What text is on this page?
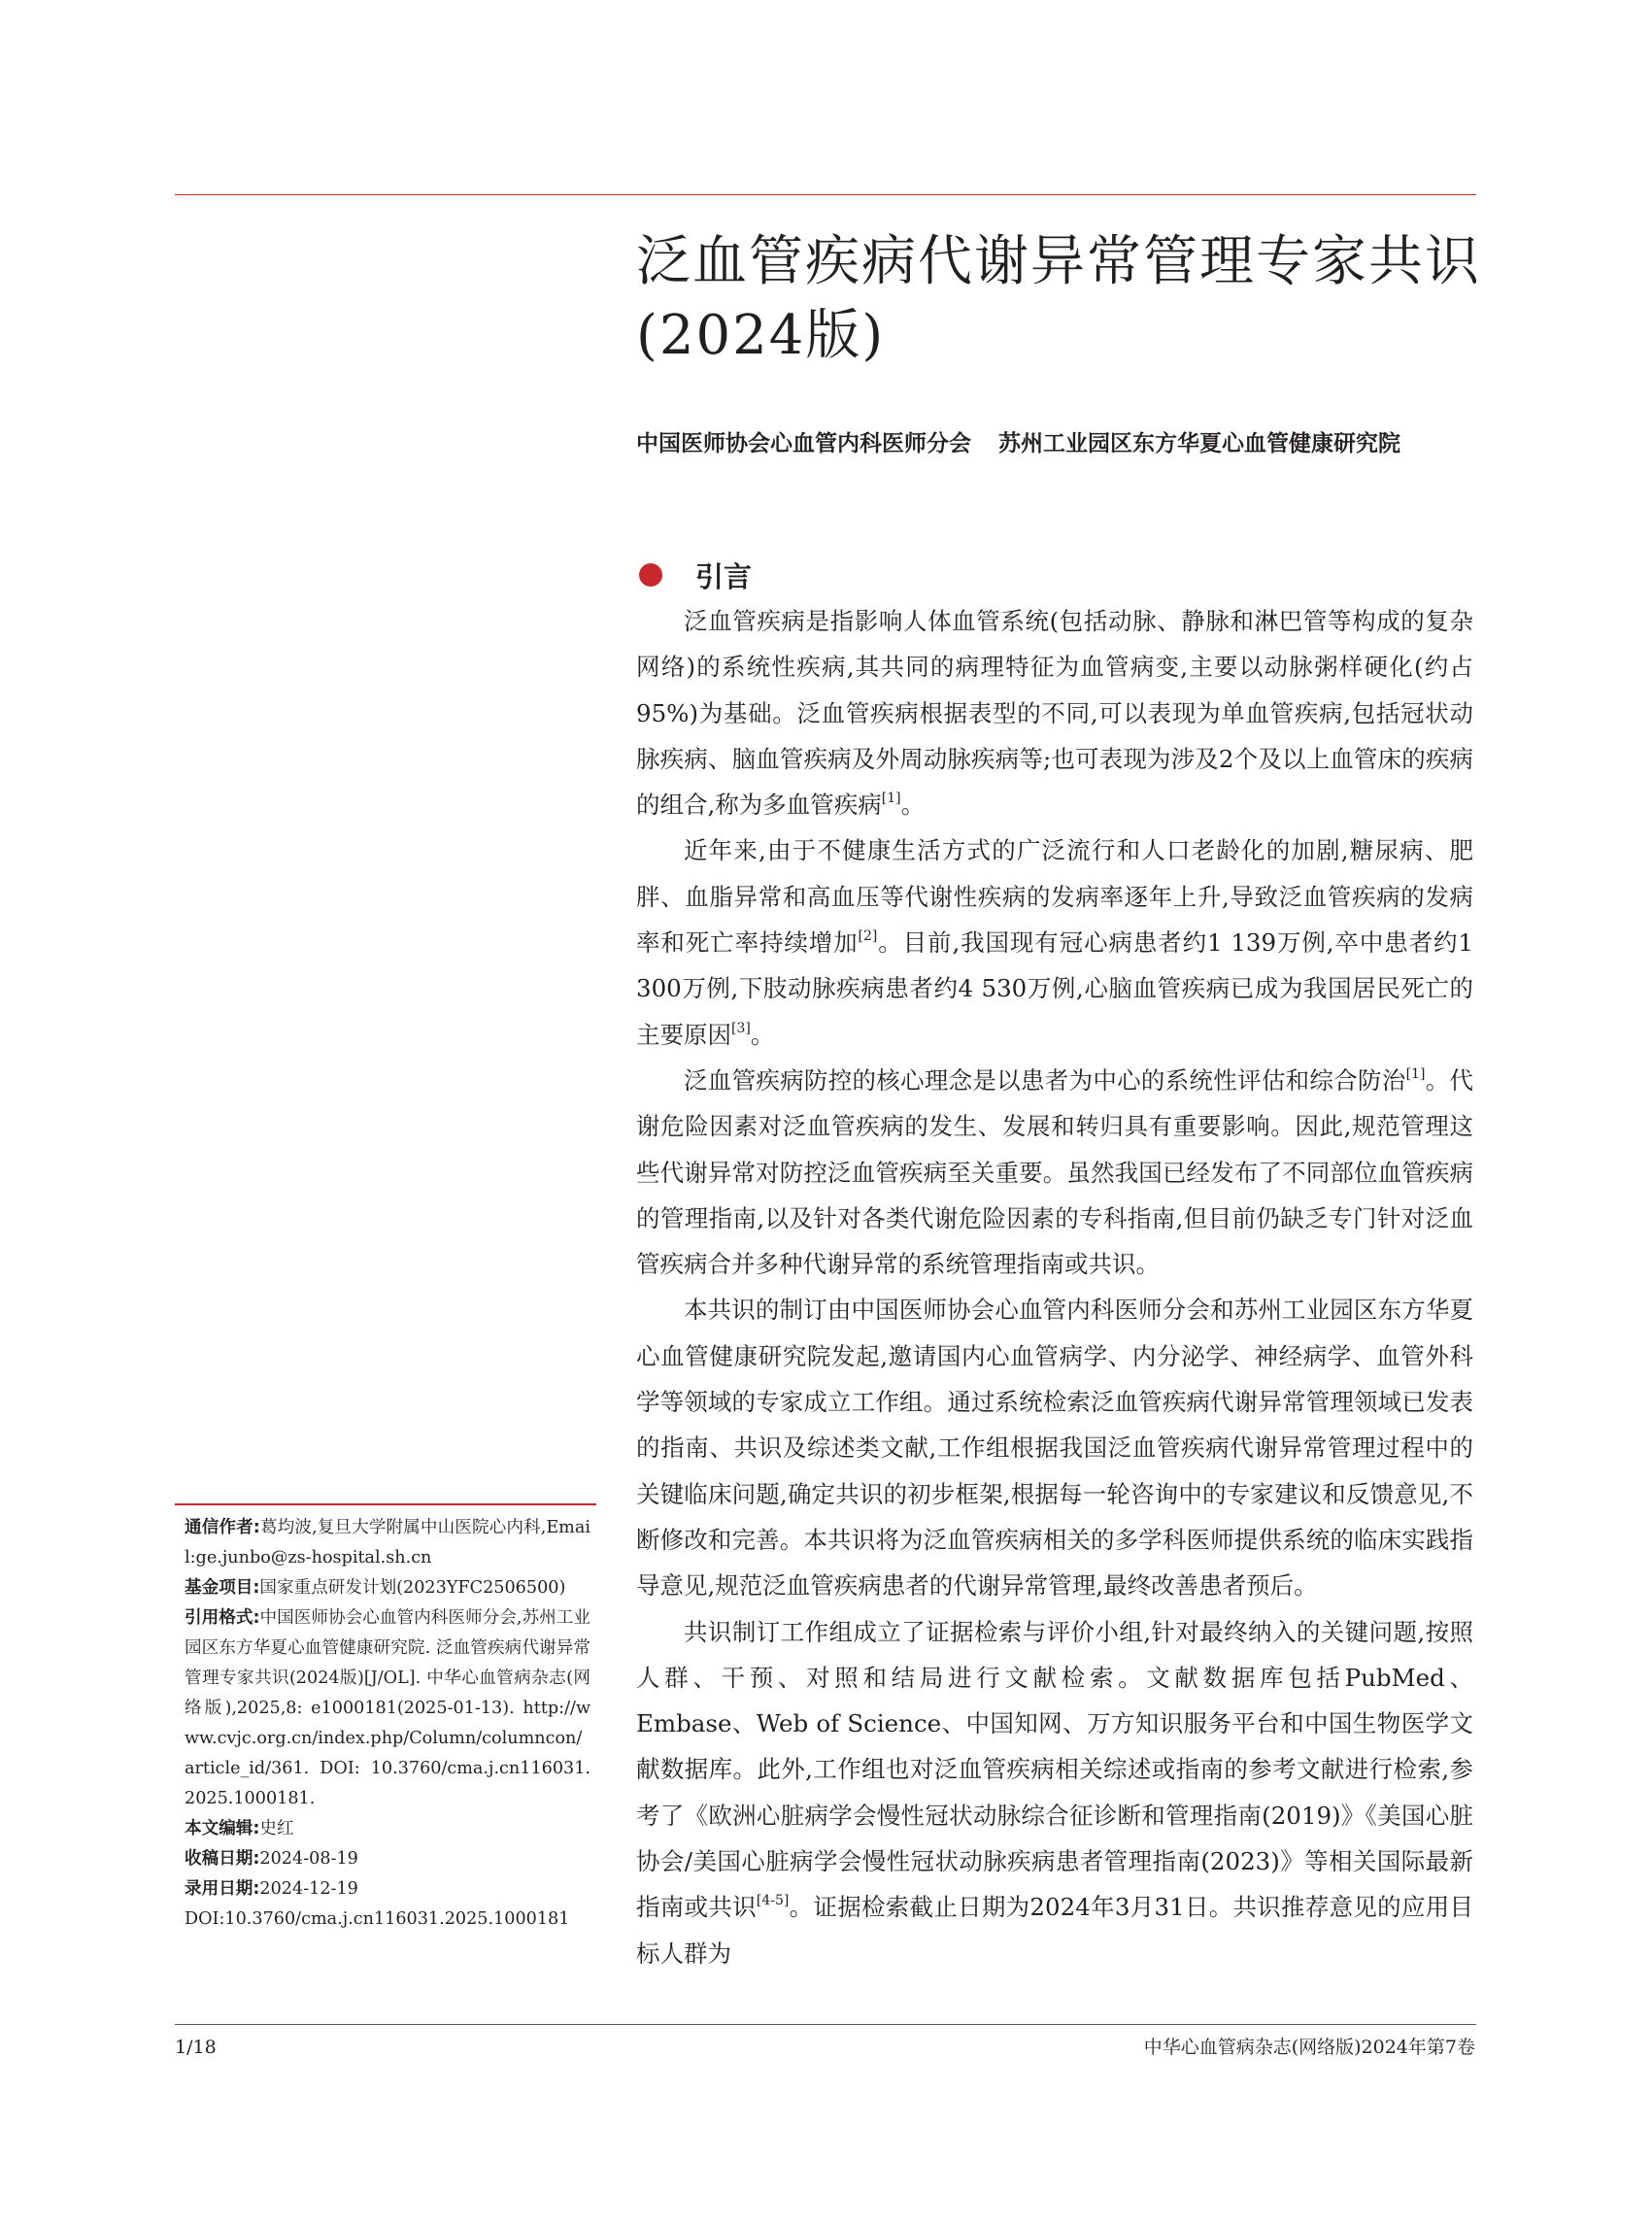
泛血管疾病代谢异常管理专家共识(2024版)
中国医师协会心血管内科医师分会 苏州工业园区东方华夏心血管健康研究院
引言

泛血管疾病是指影响人体血管系统(包括动脉、静脉和淋巴管等构成的复杂网络)的系统性疾病,其共同的病理特征为血管病变,主要以动脉粥样硬化(约占95%)为基础。泛血管疾病根据表型的不同,可以表现为单血管疾病,包括冠状动脉疾病、脑血管疾病及外周动脉疾病等;也可表现为涉及2个及以上血管床的疾病的组合,称为多血管疾病[1]。

近年来,由于不健康生活方式的广泛流行和人口老龄化的加剧,糖尿病、肥胖、血脂异常和高血压等代谢性疾病的发病率逐年上升,导致泛血管疾病的发病率和死亡率持续增加[2]。目前,我国现有冠心病患者约1 139万例,卒中患者约1 300万例,下肢动脉疾病患者约4 530万例,心脑血管疾病已成为我国居民死亡的主要原因[3]。

泛血管疾病防控的核心理念是以患者为中心的系统性评估和综合防治[1]。代谢危险因素对泛血管疾病的发生、发展和转归具有重要影响。因此,规范管理这些代谢异常对防控泛血管疾病至关重要。虽然我国已经发布了不同部位血管疾病的管理指南,以及针对各类代谢危险因素的专科指南,但目前仍缺乏专门针对泛血管疾病合并多种代谢异常的系统管理指南或共识。

本共识的制订由中国医师协会心血管内科医师分会和苏州工业园区东方华夏心血管健康研究院发起,邀请国内心血管病学、内分泌学、神经病学、血管外科学等领域的专家成立工作组。通过系统检索泛血管疾病代谢异常管理领域已发表的指南、共识及综述类文献,工作组根据我国泛血管疾病代谢异常管理过程中的关键临床问题,确定共识的初步框架,根据每一轮咨询中的专家建议和反馈意见,不断修改和完善。本共识将为泛血管疾病相关的多学科医师提供系统的临床实践指导意见,规范泛血管疾病患者的代谢异常管理,最终改善患者预后。

共识制订工作组成立了证据检索与评价小组,针对最终纳入的关键问题,按照人群、干预、对照和结局进行文献检索。文献数据库包括PubMed、Embase、Web of Science、中国知网、万方知识服务平台和中国生物医学文献数据库。此外,工作组也对泛血管疾病相关综述或指南的参考文献进行检索,参考了《欧洲心脏病学会慢性冠状动脉综合征诊断和管理指南(2019)》《美国心脏协会/美国心脏病学会慢性冠状动脉疾病患者管理指南(2023)》等相关国际最新指南或共识[4-5]。证据检索截止日期为2024年3月31日。共识推荐意见的应用目标人群为

通信作者:葛均波,复旦大学附属中山医院心内科,Email:ge.junbo@zs-hospital.sh.cn

基金项目:国家重点研发计划(2023YFC2506500)

引用格式:中国医师协会心血管内科医师分会,苏州工业园区东方华夏心血管健康研究院. 泛血管疾病代谢异常管理专家共识(2024版)[J/OL]. 中华心血管病杂志(网络版),2025,8: e1000181(2025-01-13). http://www.cvjc.org.cn/index.php/Column/columncon/article_id/361. DOI: 10.3760/cma.j.cn116031.2025.1000181.

本文编辑:史红

收稿日期:2024-08-19

录用日期:2024-12-19

DOI:10.3760/cma.j.cn116031.2025.1000181

1/18	中华心血管病杂志(网络版)2024年第7卷
